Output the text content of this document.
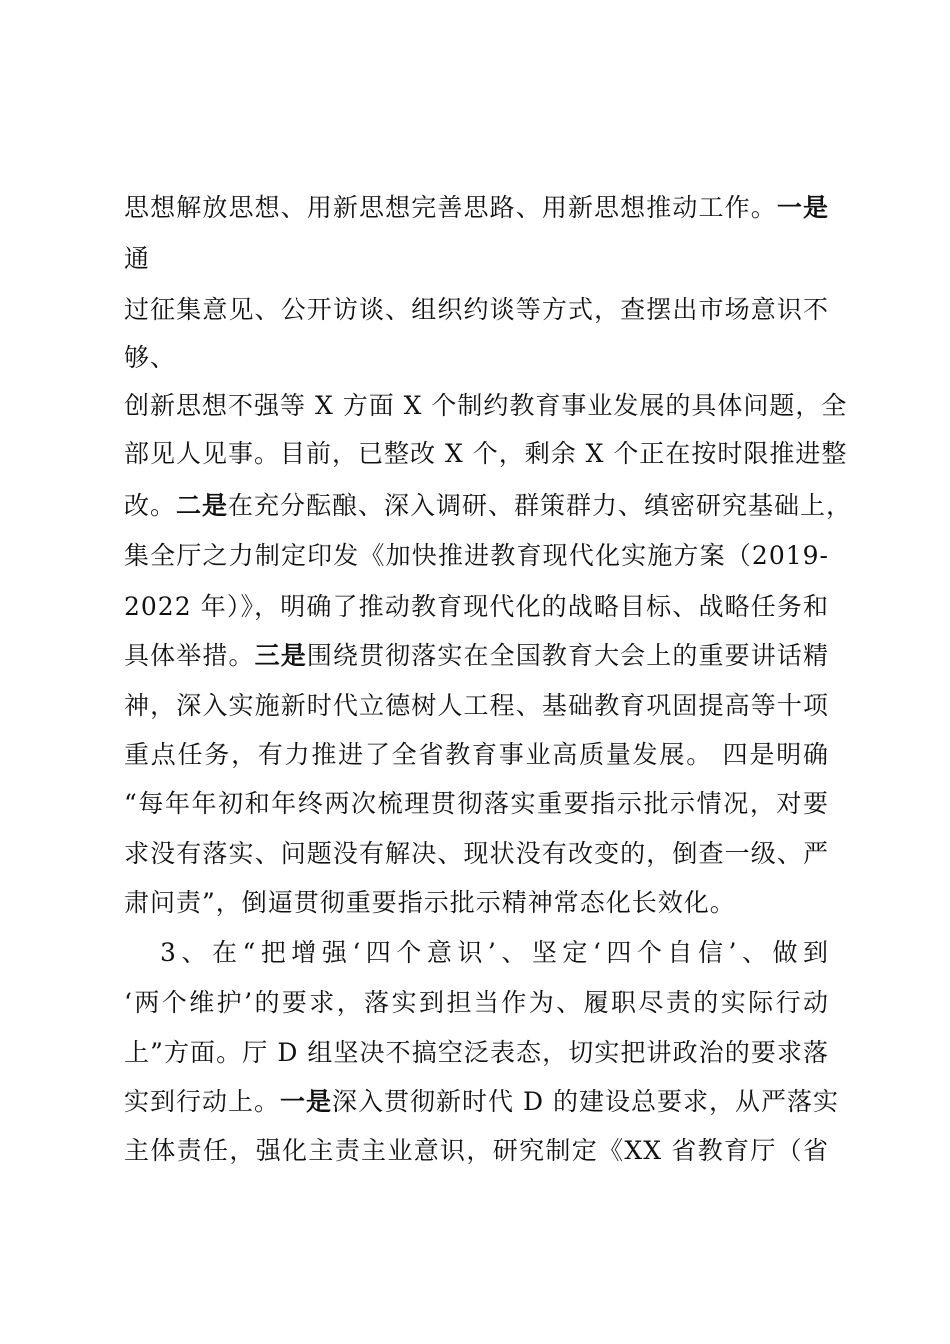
思想解放思想、用新思想完善思路、用新思想推动工作。一是
通
过征集意见、公开访谈、组织约谈等方式，查摆出市场意识不
够、
创新思想不强等 X 方面 X 个制约教育事业发展的具体问题，全
部见人见事。目前，已整改 X 个，剩余 X 个正在按时限推进整
改。二是在充分酝酿、深入调研、群策群力、缜密研究基础上，
集全厅之力制定印发《加快推进教育现代化实施方案（2019-
2022 年）》，明确了推动教育现代化的战略目标、战略任务和
具体举措。三是围绕贯彻落实在全国教育大会上的重要讲话精
神，深入实施新时代立德树人工程、基础教育巩固提高等十项
重点任务，有力推进了全省教育事业高质量发展。 四是明确
“每年年初和年终两次梳理贯彻落实重要指示批示情况，对要
求没有落实、问题没有解决、现状没有改变的，倒查一级、严
肃问责”，倒逼贯彻重要指示批示精神常态化长效化。
3、在“把增强‘四个意识’、坚定‘四个自信’、做到
‘两个维护’的要求，落实到担当作为、履职尽责的实际行动
上”方面。厅 D 组坚决不搞空泛表态，切实把讲政治的要求落
实到行动上。一是深入贯彻新时代 D 的建设总要求，从严落实
主体责任，强化主责主业意识，研究制定《XX 省教育厅（省
